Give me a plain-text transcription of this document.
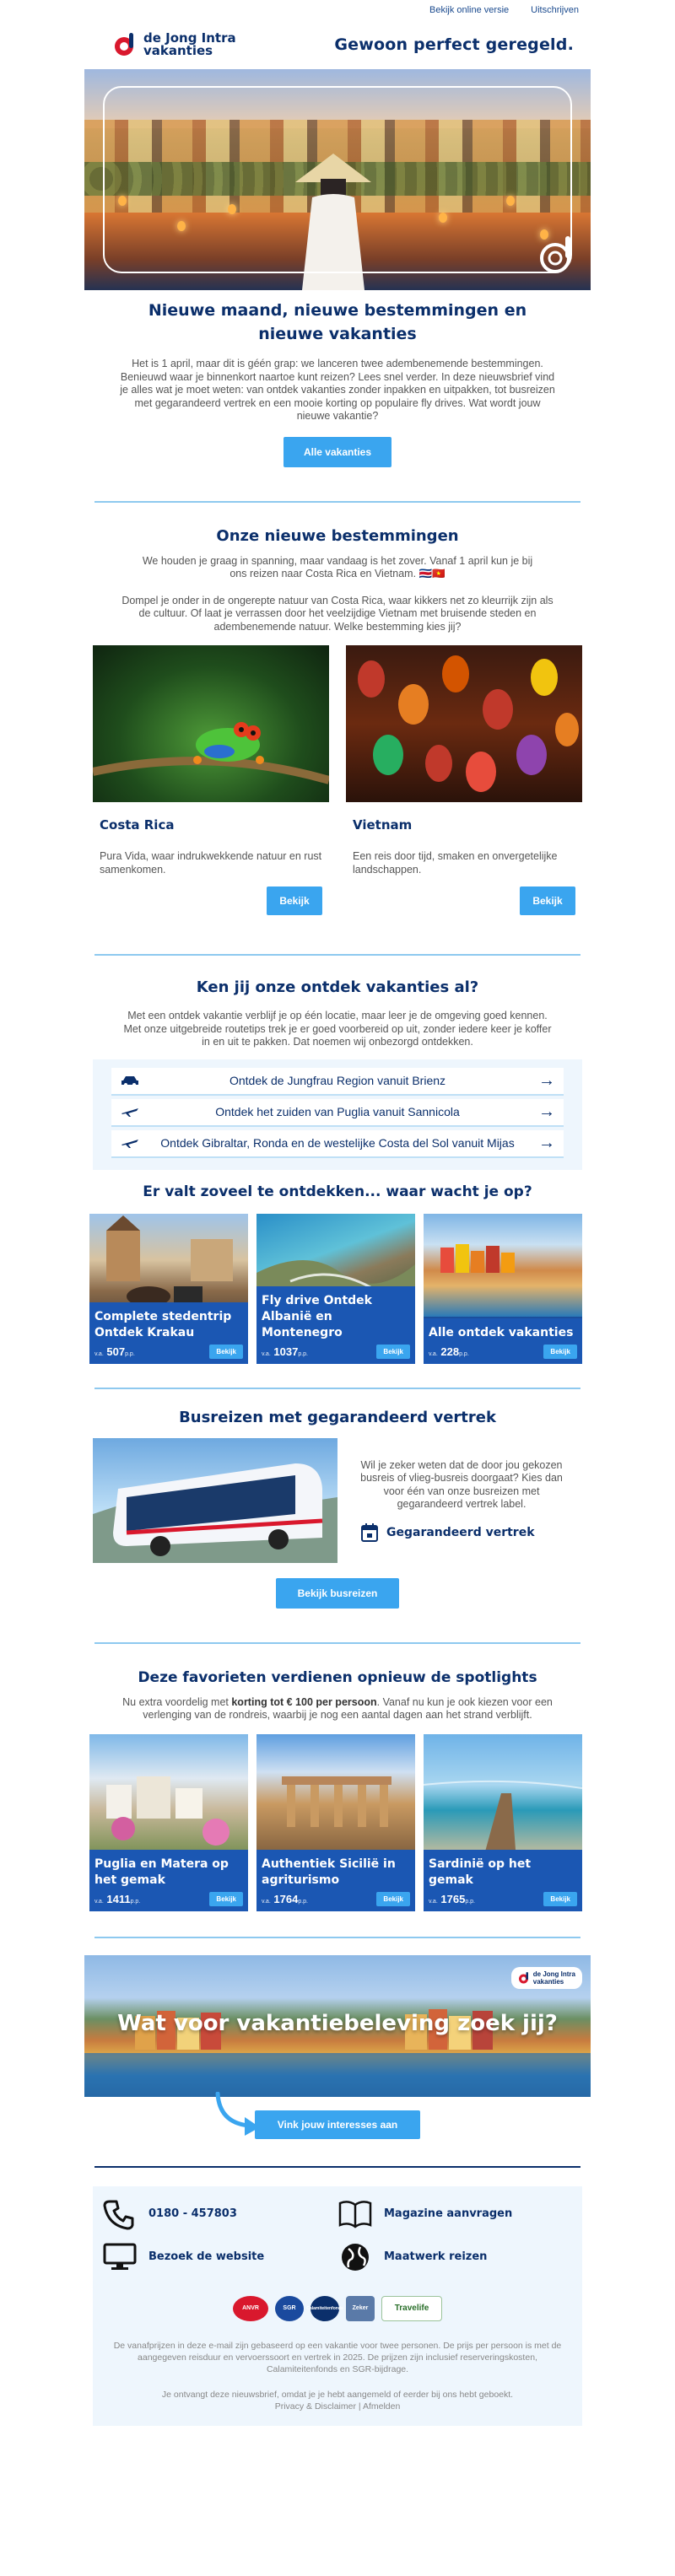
Bekijk online versie Uitschrijven
de Jong Intra
vakanties	Gewoon perfect geregeld.
Nieuwe maand, nieuwe bestemmingen en nieuwe vakanties

Het is 1 april, maar dit is géén grap: we lanceren twee adembenemende bestemmingen. Benieuwd waar je binnenkort naartoe kunt reizen? Lees snel verder. In deze nieuwsbrief vind je alles wat je moet weten: van ontdek vakanties zonder inpakken en uitpakken, tot busreizen met gegarandeerd vertrek en een mooie korting op populaire fly drives. Wat wordt jouw nieuwe vakantie?

Alle vakanties
Onze nieuwe bestemmingen

We houden je graag in spanning, maar vandaag is het zover. Vanaf 1 april kun je bij ons reizen naar Costa Rica en Vietnam. 🇨🇷🇻🇳

Dompel je onder in de ongerepte natuur van Costa Rica, waar kikkers net zo kleurrijk zijn als de cultuur. Of laat je verrassen door het veelzijdige Vietnam met bruisende steden en adembenemende natuur. Welke bestemming kies jij?

Costa Rica
Pura Vida, waar indrukwekkende natuur en rust samenkomen.
Bekijk
Vietnam
Een reis door tijd, smaken en onvergetelijke landschappen.
Bekijk
Ken jij onze ontdek vakanties al?

Met een ontdek vakantie verblijf je op één locatie, maar leer je de omgeving goed kennen. Met onze uitgebreide routetips trek je er goed voorbereid op uit, zonder iedere keer je koffer in en uit te pakken. Dat noemen wij onbezorgd ontdekken.

Ontdek de Jungfrau Region vanuit Brienz	→
Ontdek het zuiden van Puglia vanuit Sannicola	→
Ontdek Gibraltar, Ronda en de westelijke Costa del Sol vanuit Mijas	→
Er valt zoveel te ontdekken... waar wacht je op?
Complete stedentrip Ontdek Krakau
v.a. 507p.p.	Bekijk
Fly drive Ontdek Albanië en Montenegro
v.a. 1037p.p.	Bekijk
Alle ontdek vakanties
v.a. 228p.p.	Bekijk
Busreizen met gegarandeerd vertrek

Wil je zeker weten dat de door jou gekozen busreis of vlieg-busreis doorgaat? Kies dan voor één van onze busreizen met gegarandeerd vertrek label.

Gegarandeerd vertrek
Bekijk busreizen
Deze favorieten verdienen opnieuw de spotlights

Nu extra voordelig met korting tot € 100 per persoon. Vanaf nu kun je ook kiezen voor een verlenging van de rondreis, waarbij je nog een aantal dagen aan het strand verblijft.

Puglia en Matera op het gemak
v.a. 1411p.p.	Bekijk
Authentiek Sicilië in agriturismo
v.a. 1764p.p.	Bekijk
Sardinië op het gemak
v.a. 1765p.p.	Bekijk
Wat voor vakantiebeleving zoek jij?
de Jong Intra
vakanties
Vink jouw interesses aan
0180 - 457803	Magazine aanvragen
Bezoek de website	Maatwerk reizen
ANVR	SGR	Calamiteitenfonds	Zeker	Travelife

De vanafprijzen in deze e-mail zijn gebaseerd op een vakantie voor twee personen. De prijs per persoon is met de aangegeven reisduur en vervoerssoort en vertrek in 2025. De prijzen zijn inclusief reserveringskosten, Calamiteitenfonds en SGR-bijdrage.

Je ontvangt deze nieuwsbrief, omdat je je hebt aangemeld of eerder bij ons hebt geboekt.

Privacy & Disclaimer | Afmelden
